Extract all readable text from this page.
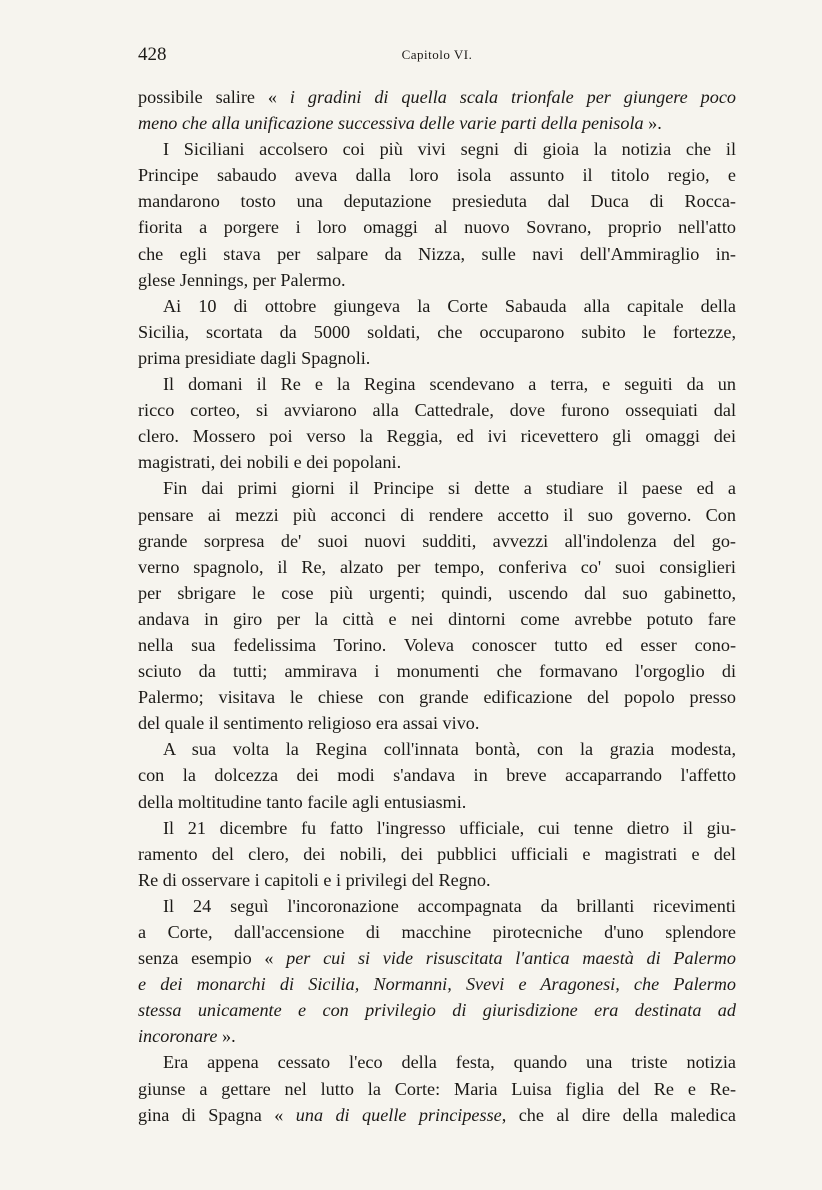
428	Capitolo VI.
possibile salire « i gradini di quella scala trionfale per giungere poco
meno che alla unificazione successiva delle varie parti della penisola ».
I Siciliani accolsero coi più vivi segni di gioia la notizia che il
Principe sabaudo aveva dalla loro isola assunto il titolo regio, e
mandarono tosto una deputazione presieduta dal Duca di Rocca-
fiorita a porgere i loro omaggi al nuovo Sovrano, proprio nell'atto
che egli stava per salpare da Nizza, sulle navi dell'Ammiraglio in-
glese Jennings, per Palermo.
Ai 10 di ottobre giungeva la Corte Sabauda alla capitale della
Sicilia, scortata da 5000 soldati, che occuparono subito le fortezze,
prima presidiate dagli Spagnoli.
Il domani il Re e la Regina scendevano a terra, e seguiti da un
ricco corteo, si avviarono alla Cattedrale, dove furono ossequiati dal
clero. Mossero poi verso la Reggia, ed ivi ricevettero gli omaggi dei
magistrati, dei nobili e dei popolani.
Fin dai primi giorni il Principe si dette a studiare il paese ed a
pensare ai mezzi più acconci di rendere accetto il suo governo. Con
grande sorpresa de' suoi nuovi sudditi, avvezzi all'indolenza del go-
verno spagnolo, il Re, alzato per tempo, conferiva co' suoi consiglieri
per sbrigare le cose più urgenti; quindi, uscendo dal suo gabinetto,
andava in giro per la città e nei dintorni come avrebbe potuto fare
nella sua fedelissima Torino. Voleva conoscer tutto ed esser cono-
sciuto da tutti; ammirava i monumenti che formavano l'orgoglio di
Palermo; visitava le chiese con grande edificazione del popolo presso
del quale il sentimento religioso era assai vivo.
A sua volta la Regina coll'innata bontà, con la grazia modesta,
con la dolcezza dei modi s'andava in breve accaparrando l'affetto
della moltitudine tanto facile agli entusiasmi.
Il 21 dicembre fu fatto l'ingresso ufficiale, cui tenne dietro il giu-
ramento del clero, dei nobili, dei pubblici ufficiali e magistrati e del
Re di osservare i capitoli e i privilegi del Regno.
Il 24 seguì l'incoronazione accompagnata da brillanti ricevimenti
a Corte, dall'accensione di macchine pirotecniche d'uno splendore
senza esempio « per cui si vide risuscitata l'antica maestà di Palermo
e dei monarchi di Sicilia, Normanni, Svevi e Aragonesi, che Palermo
stessa unicamente e con privilegio di giurisdizione era destinata ad
incoronare ».
Era appena cessato l'eco della festa, quando una triste notizia
giunse a gettare nel lutto la Corte: Maria Luisa figlia del Re e Re-
gina di Spagna « una di quelle principesse, che al dire della maledica
